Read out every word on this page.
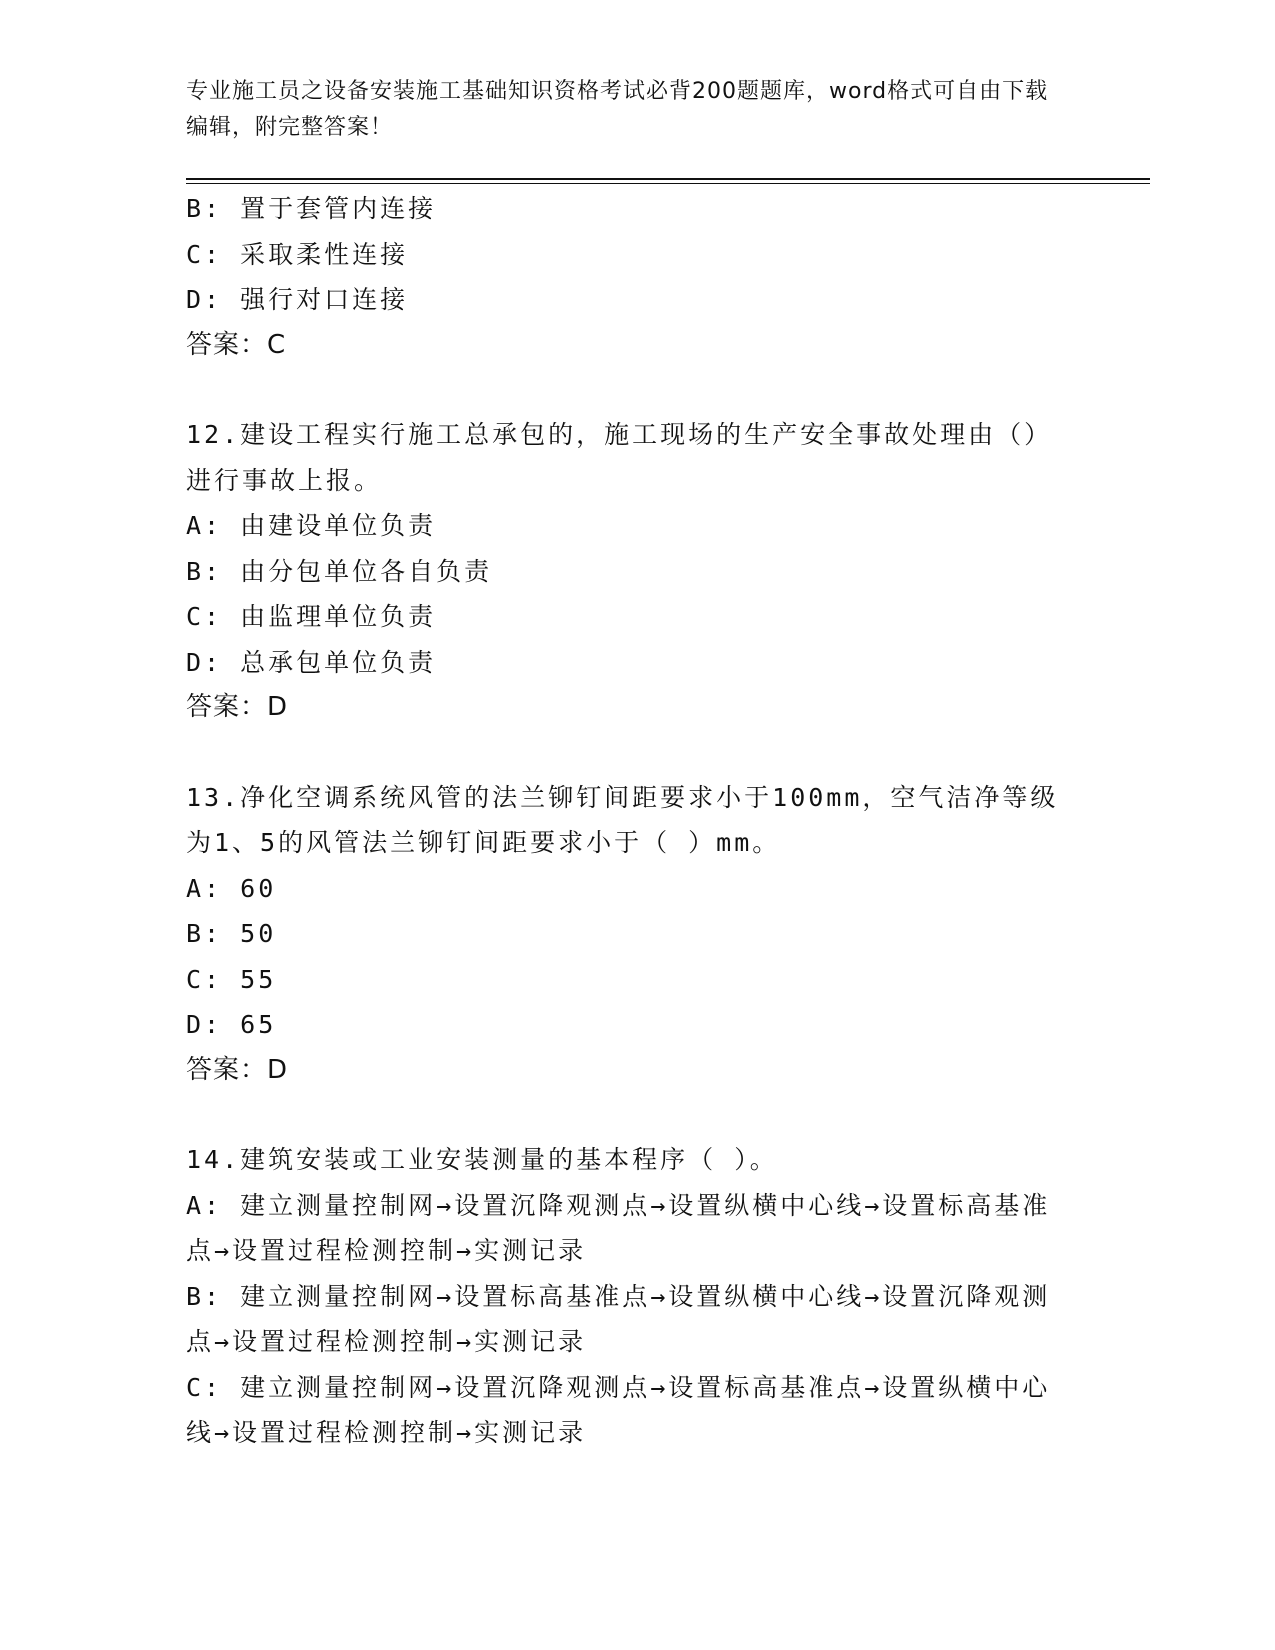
专业施工员之设备安装施工基础知识资格考试必背200题题库，word格式可自由下载编辑，附完整答案！
B: 置于套管内连接
C: 采取柔性连接
D: 强行对口连接
答案：C
12.建设工程实行施工总承包的，施工现场的生产安全事故处理由（）进行事故上报。
A: 由建设单位负责
B: 由分包单位各自负责
C: 由监理单位负责
D: 总承包单位负责
答案：D
13.净化空调系统风管的法兰铆钉间距要求小于100mm，空气洁净等级为1、5的风管法兰铆钉间距要求小于（ ）mm。
A: 60
B: 50
C: 55
D: 65
答案：D
14.建筑安装或工业安装测量的基本程序（ ）。
A: 建立测量控制网→设置沉降观测点→设置纵横中心线→设置标高基准点→设置过程检测控制→实测记录
B: 建立测量控制网→设置标高基准点→设置纵横中心线→设置沉降观测点→设置过程检测控制→实测记录
C: 建立测量控制网→设置沉降观测点→设置标高基准点→设置纵横中心线→设置过程检测控制→实测记录
